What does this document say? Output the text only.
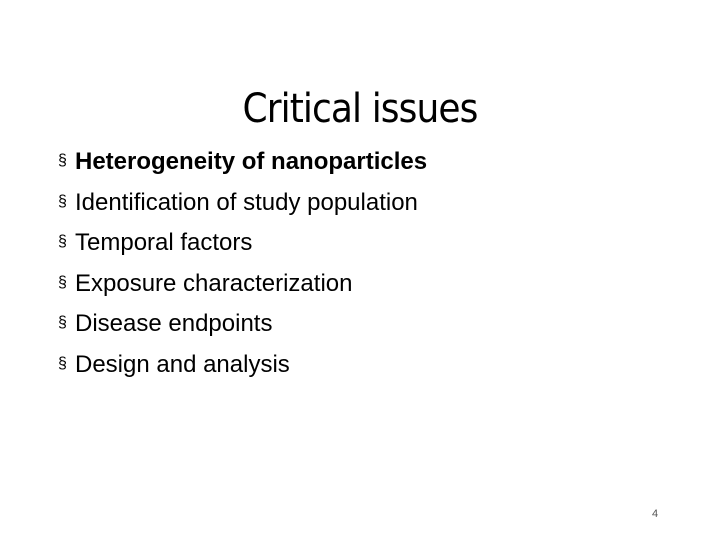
Critical issues
§ Heterogeneity of nanoparticles
§ Identification of study population
§ Temporal factors
§ Exposure characterization
§ Disease endpoints
§ Design and analysis
4
